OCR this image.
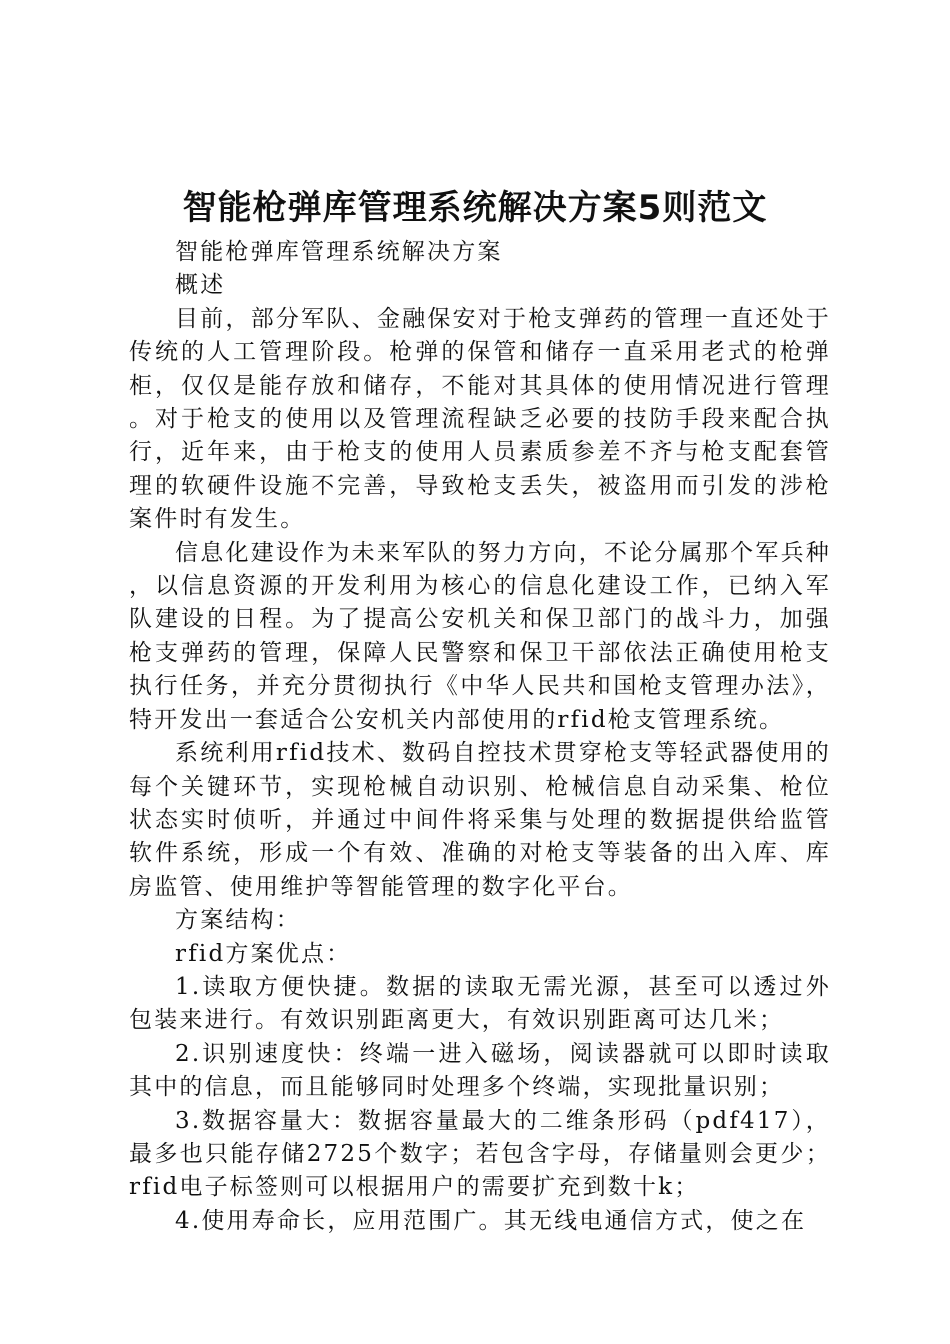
智能枪弹库管理系统解决方案5则范文

智能枪弹库管理系统解决方案

概述

目前，部分军队、金融保安对于枪支弹药的管理一直还处于传统的人工管理阶段。枪弹的保管和储存一直采用老式的枪弹柜，仅仅是能存放和储存，不能对其具体的使用情况进行管理。对于枪支的使用以及管理流程缺乏必要的技防手段来配合执行，近年来，由于枪支的使用人员素质参差不齐与枪支配套管理的软硬件设施不完善，导致枪支丢失，被盗用而引发的涉枪案件时有发生。

信息化建设作为未来军队的努力方向，不论分属那个军兵种，以信息资源的开发利用为核心的信息化建设工作，已纳入军队建设的日程。为了提高公安机关和保卫部门的战斗力，加强枪支弹药的管理，保障人民警察和保卫干部依法正确使用枪支执行任务，并充分贯彻执行《中华人民共和国枪支管理办法》，特开发出一套适合公安机关内部使用的rfid枪支管理系统。

系统利用rfid技术、数码自控技术贯穿枪支等轻武器使用的每个关键环节，实现枪械自动识别、枪械信息自动采集、枪位状态实时侦听，并通过中间件将采集与处理的数据提供给监管软件系统，形成一个有效、准确的对枪支等装备的出入库、库房监管、使用维护等智能管理的数字化平台。

方案结构：

rfid方案优点：

1.读取方便快捷。数据的读取无需光源，甚至可以透过外包装来进行。有效识别距离更大，有效识别距离可达几米；

2.识别速度快：终端一进入磁场，阅读器就可以即时读取其中的信息，而且能够同时处理多个终端，实现批量识别；

3.数据容量大：数据容量最大的二维条形码（pdf417），最多也只能存储2725个数字；若包含字母，存储量则会更少；rfid电子标签则可以根据用户的需要扩充到数十k；

4.使用寿命长，应用范围广。其无线电通信方式，使之在
